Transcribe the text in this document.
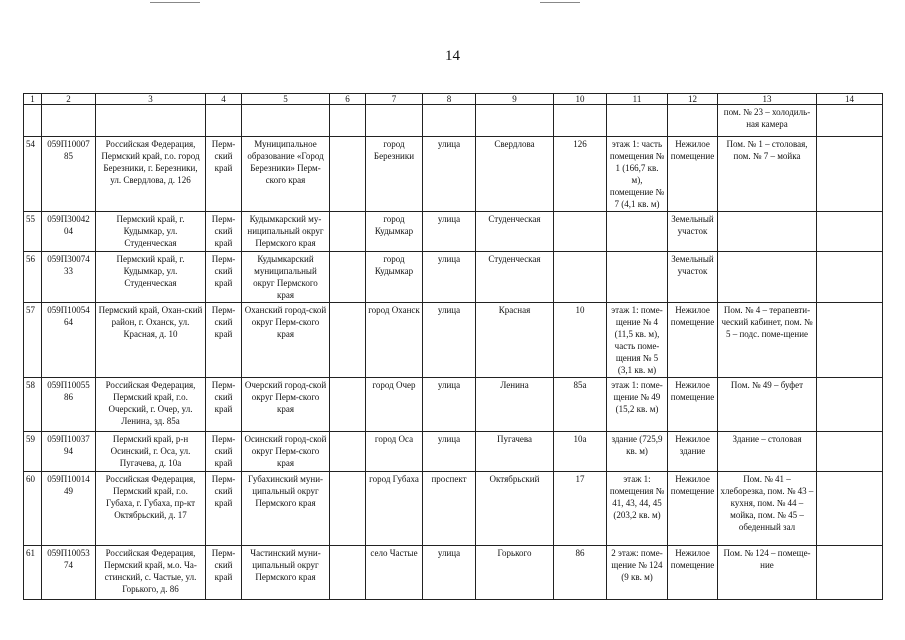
14
1	2	3	4	5	6	7	8	9	10	11	12	13	14
												пом. № 23 – холодиль-ная камера	
54	059П10007 85	Российская Федерация, Пермский край, г.о. город Березники, г. Березники, ул. Свердлова, д. 126	Перм-ский край	Муниципальное образование «Город Березники» Перм-ского края		город Березники	улица	Свердлова	126	этаж 1: часть помещения № 1 (166,7 кв. м), помещение № 7 (4,1 кв. м)	Нежилое помещение	Пом. № 1 – столовая, пом. № 7 – мойка	
55	059П30042 04	Пермский край, г. Кудымкар, ул. Студенческая	Перм-ский край	Кудымкарский му-ниципальный округ Пермского края		город Кудымкар	улица	Студенческая			Земельный участок		
56	059П30074 33	Пермский край, г. Кудымкар, ул. Студенческая	Перм-ский край	Кудымкарский муниципальный округ Пермского края		город Кудымкар	улица	Студенческая			Земельный участок		
57	059П10054 64	Пермский край, Охан-ский район, г. Оханск, ул. Красная, д. 10	Перм-ский край	Оханский город-ской округ Перм-ского края		город Оханск	улица	Красная	10	этаж 1: поме-щение № 4 (11,5 кв. м), часть поме-щения № 5 (3,1 кв. м)	Нежилое помещение	Пом. № 4 – терапевти-ческий кабинет, пом. № 5 – подс. поме-щение	
58	059П10055 86	Российская Федерация, Пермский край, г.о. Очерский, г. Очер, ул. Ленина, зд. 85а	Перм-ский край	Очерский город-ской округ Перм-ского края		город Очер	улица	Ленина	85а	этаж 1: поме-щение № 49 (15,2 кв. м)	Нежилое помещение	Пом. № 49 – буфет	
59	059П10037 94	Пермский край, р-н Осинский, г. Оса, ул. Пугачева, д. 10а	Перм-ский край	Осинский город-ской округ Перм-ского края		город Оса	улица	Пугачева	10а	здание (725,9 кв. м)	Нежилое здание	Здание – столовая	
60	059П10014 49	Российская Федерация, Пермский край, г.о. Губаха, г. Губаха, пр-кт Октябрьский, д. 17	Перм-ский край	Губахинский муни-ципальный округ Пермского края		город Губаха	проспект	Октябрьский	17	этаж 1: помещения № 41, 43, 44, 45 (203,2 кв. м)	Нежилое помещение	Пом. № 41 – хлеборезка, пом. № 43 – кухня, пом. № 44 – мойка, пом. № 45 – обеденный зал	
61	059П10053 74	Российская Федерация, Пермский край, м.о. Ча-стинский, с. Частые, ул. Горького, д. 86	Перм-ский край	Частинский муни-ципальный округ Пермского края		село Частые	улица	Горького	86	2 этаж: поме-щение № 124 (9 кв. м)	Нежилое помещение	Пом. № 124 – помеще-ние	
